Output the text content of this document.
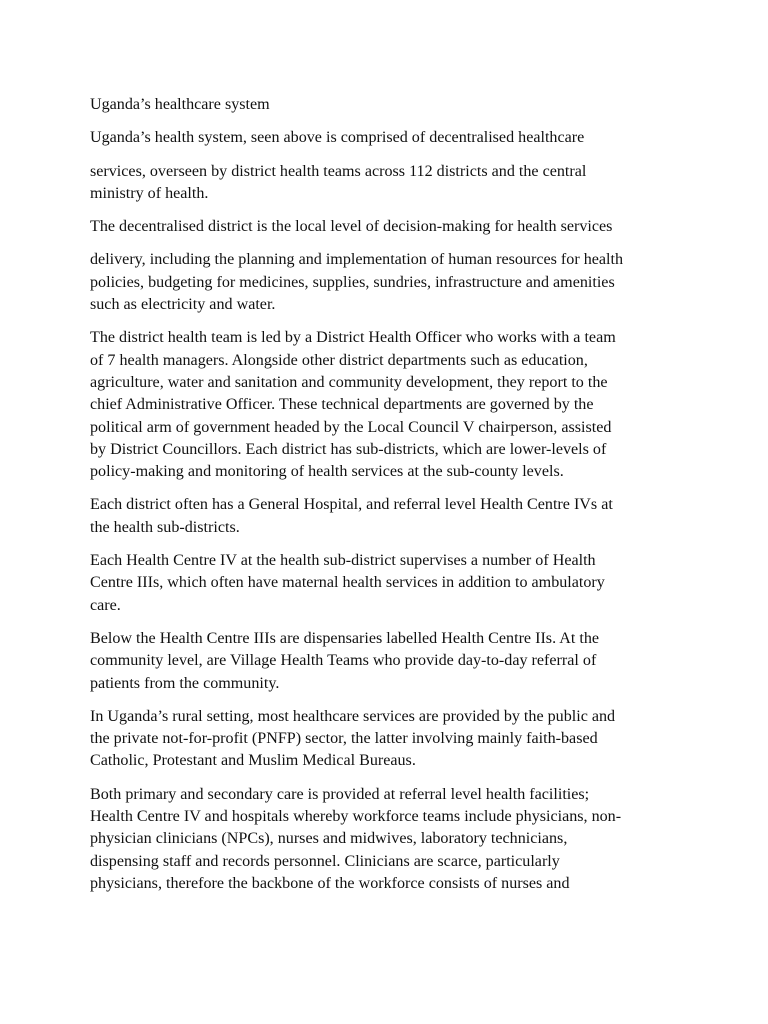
Uganda’s healthcare system
Uganda’s health system, seen above is comprised of decentralised healthcare
services, overseen by district health teams across 112 districts and the central
ministry of health.
The decentralised district is the local level of decision-making for health services
delivery, including the planning and implementation of human resources for health
policies, budgeting for medicines, supplies, sundries, infrastructure and amenities
such as electricity and water.
The district health team is led by a District Health Officer who works with a team
of 7 health managers. Alongside other district departments such as education,
agriculture, water and sanitation and community development, they report to the
chief Administrative Officer. These technical departments are governed by the
political arm of government headed by the Local Council V chairperson, assisted
by District Councillors. Each district has sub-districts, which are lower-levels of
policy-making and monitoring of health services at the sub-county levels.
Each district often has a General Hospital, and referral level Health Centre IVs at
the health sub-districts.
Each Health Centre IV at the health sub-district supervises a number of Health
Centre IIIs, which often have maternal health services in addition to ambulatory
care.
Below the Health Centre IIIs are dispensaries labelled Health Centre IIs. At the
community level, are Village Health Teams who provide day-to-day referral of
patients from the community.
In Uganda’s rural setting, most healthcare services are provided by the public and
the private not-for-profit (PNFP) sector, the latter involving mainly faith-based
Catholic, Protestant and Muslim Medical Bureaus.
Both primary and secondary care is provided at referral level health facilities;
Health Centre IV and hospitals whereby workforce teams include physicians, non-
physician clinicians (NPCs), nurses and midwives, laboratory technicians,
dispensing staff and records personnel. Clinicians are scarce, particularly
physicians, therefore the backbone of the workforce consists of nurses and
